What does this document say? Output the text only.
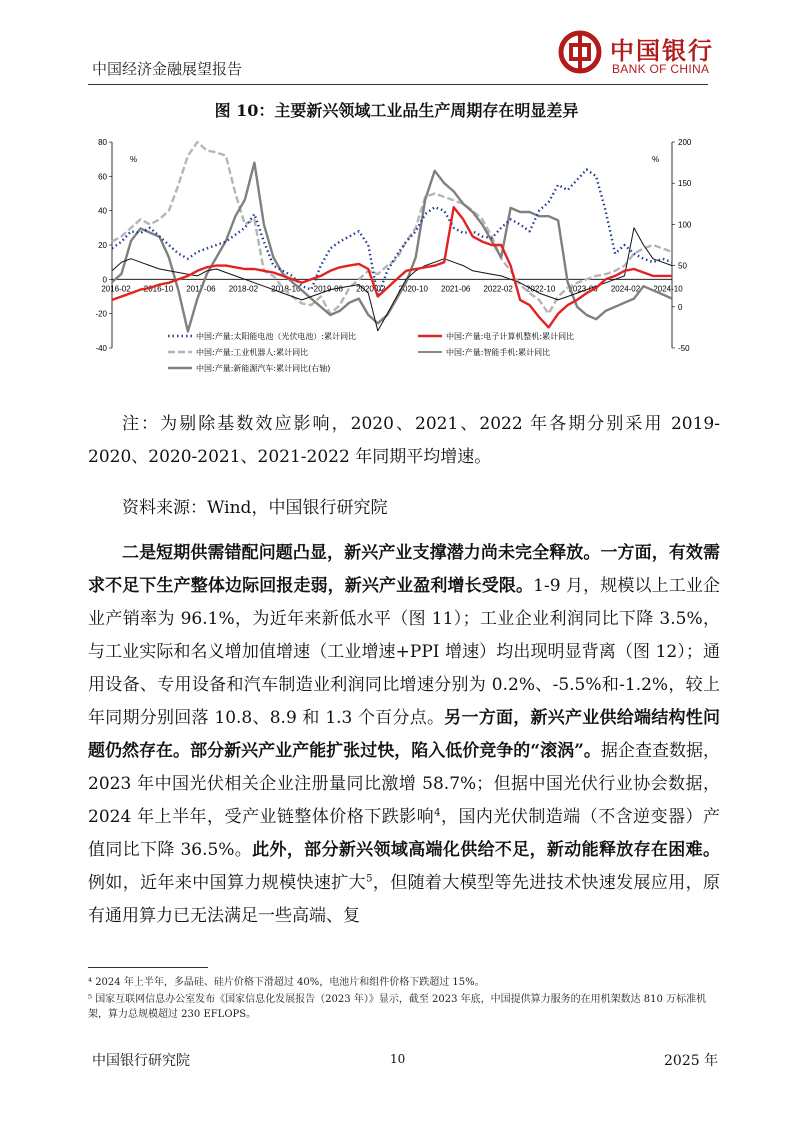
中国经济金融展望报告
中国银行
BANK OF CHINA
图 10：主要新兴领域工业品生产周期存在明显差异
80
60
40
20
0
-20
-40
200
150
100
50
0
-50
%	%
2016-02 2016-10 2017-06 2018-02 2018-10 2019-06 2020-02 2020-10 2021-06 2022-02 2022-10 2023-06 2024-02 2024-10
中国:产量:太阳能电池（光伏电池）:累计同比	中国:产量:电子计算机整机:累计同比
中国:产量:工业机器人:累计同比	中国:产量:智能手机:累计同比
中国:产量:新能源汽车:累计同比(右轴)
注：为剔除基数效应影响，2020、2021、2022 年各期分别采用 2019-2020、2020-2021、2021-2022 年同期平均增速。
资料来源：Wind，中国银行研究院
二是短期供需错配问题凸显，新兴产业支撑潜力尚未完全释放。一方面，有效需求不足下生产整体边际回报走弱，新兴产业盈利增长受限。1-9 月，规模以上工业企业产销率为 96.1%，为近年来新低水平（图 11）；工业企业利润同比下降 3.5%，与工业实际和名义增加值增速（工业增速+PPI 增速）均出现明显背离（图 12）；通用设备、专用设备和汽车制造业利润同比增速分别为 0.2%、-5.5%和-1.2%，较上年同期分别回落 10.8、8.9 和 1.3 个百分点。另一方面，新兴产业供给端结构性问题仍然存在。部分新兴产业产能扩张过快，陷入低价竞争的“滚涡”。据企查查数据，2023 年中国光伏相关企业注册量同比激增 58.7%；但据中国光伏行业协会数据，2024 年上半年，受产业链整体价格下跌影响$^4$，国内光伏制造端（不含逆变器）产值同比下降 36.5%。此外，部分新兴领域高端化供给不足，新动能释放存在困难。例如，近年来中国算力规模快速扩大$^5$，但随着大模型等先进技术快速发展应用，原有通用算力已无法满足一些高端、复
⁴ 2024 年上半年，多晶硅、硅片价格下滑超过 40%，电池片和组件价格下跌超过 15%。
⁵ 国家互联网信息办公室发布《国家信息化发展报告（2023 年）》显示，截至 2023 年底，中国提供算力服务的在用机架数达 810 万标准机架，算力总规模超过 230 EFLOPS。
中国银行研究院	10	2025 年
